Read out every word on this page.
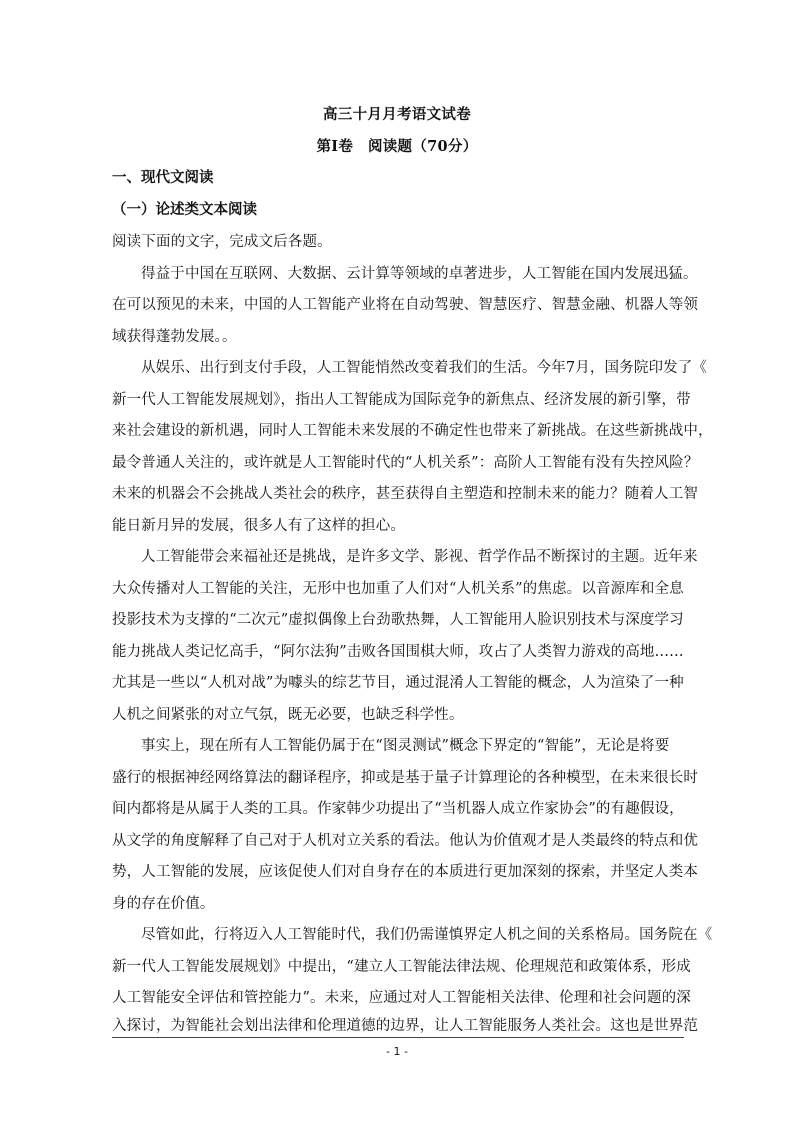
高三十月月考语文试卷
第Ⅰ卷　阅读题（70分）
一、现代文阅读
（一）论述类文本阅读
阅读下面的文字，完成文后各题。
得益于中国在互联网、大数据、云计算等领域的卓著进步，人工智能在国内发展迅猛。
在可以预见的未来，中国的人工智能产业将在自动驾驶、智慧医疗、智慧金融、机器人等领
域获得蓬勃发展。。
从娱乐、出行到支付手段，人工智能悄然改变着我们的生活。今年7月，国务院印发了《
新一代人工智能发展规划》，指出人工智能成为国际竞争的新焦点、经济发展的新引擎，带
来社会建设的新机遇，同时人工智能未来发展的不确定性也带来了新挑战。在这些新挑战中，
最令普通人关注的，或许就是人工智能时代的“人机关系”：高阶人工智能有没有失控风险？
未来的机器会不会挑战人类社会的秩序，甚至获得自主塑造和控制未来的能力？随着人工智
能日新月异的发展，很多人有了这样的担心。
人工智能带会来福祉还是挑战，是许多文学、影视、哲学作品不断探讨的主题。近年来
大众传播对人工智能的关注，无形中也加重了人们对“人机关系”的焦虑。以音源库和全息
投影技术为支撑的“二次元”虚拟偶像上台劲歌热舞，人工智能用人脸识别技术与深度学习
能力挑战人类记忆高手，“阿尔法狗”击败各国围棋大师，攻占了人类智力游戏的高地……
尤其是一些以“人机对战”为噱头的综艺节目，通过混淆人工智能的概念，人为渲染了一种
人机之间紧张的对立气氛，既无必要，也缺乏科学性。
事实上，现在所有人工智能仍属于在“图灵测试”概念下界定的“智能”，无论是将要
盛行的根据神经网络算法的翻译程序，抑或是基于量子计算理论的各种模型，在未来很长时
间内都将是从属于人类的工具。作家韩少功提出了“当机器人成立作家协会”的有趣假设，
从文学的角度解释了自己对于人机对立关系的看法。他认为价值观才是人类最终的特点和优
势，人工智能的发展，应该促使人们对自身存在的本质进行更加深刻的探索，并坚定人类本
身的存在价值。
尽管如此，行将迈入人工智能时代，我们仍需谨慎界定人机之间的关系格局。国务院在《
新一代人工智能发展规划》中提出，“建立人工智能法律法规、伦理规范和政策体系，形成
人工智能安全评估和管控能力”。未来，应通过对人工智能相关法律、伦理和社会问题的深
入探讨，为智能社会划出法律和伦理道德的边界，让人工智能服务人类社会。这也是世界范
- 1 -
